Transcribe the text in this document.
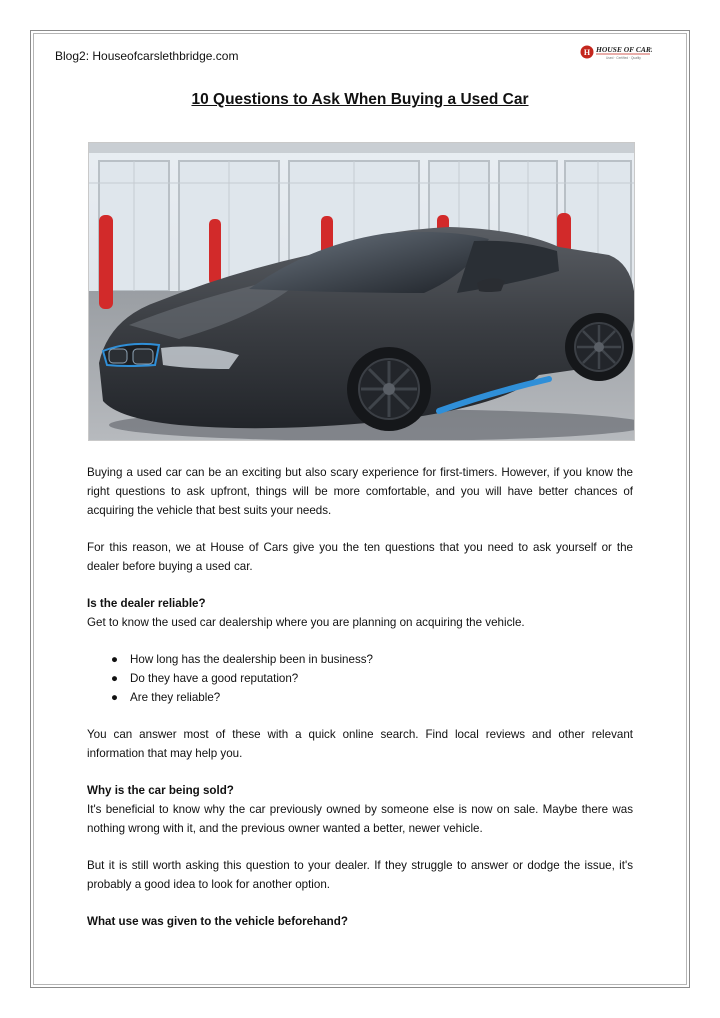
Blog2: Houseofcarslethbridge.com	H HOUSE OF CARS
Used · Certified · Quality
10 Questions to Ask When Buying a Used Car

Buying a used car can be an exciting but also scary experience for first-timers. However, if you know the right questions to ask upfront, things will be more comfortable, and you will have better chances of acquiring the vehicle that best suits your needs.

For this reason, we at House of Cars give you the ten questions that you need to ask yourself or the dealer before buying a used car.

Is the dealer reliable?

Get to know the used car dealership where you are planning on acquiring the vehicle.

● How long has the dealership been in business?
● Do they have a good reputation?
● Are they reliable?

You can answer most of these with a quick online search. Find local reviews and other relevant information that may help you.

Why is the car being sold?

It's beneficial to know why the car previously owned by someone else is now on sale. Maybe there was nothing wrong with it, and the previous owner wanted a better, newer vehicle.

But it is still worth asking this question to your dealer. If they struggle to answer or dodge the issue, it's probably a good idea to look for another option.

What use was given to the vehicle beforehand?
